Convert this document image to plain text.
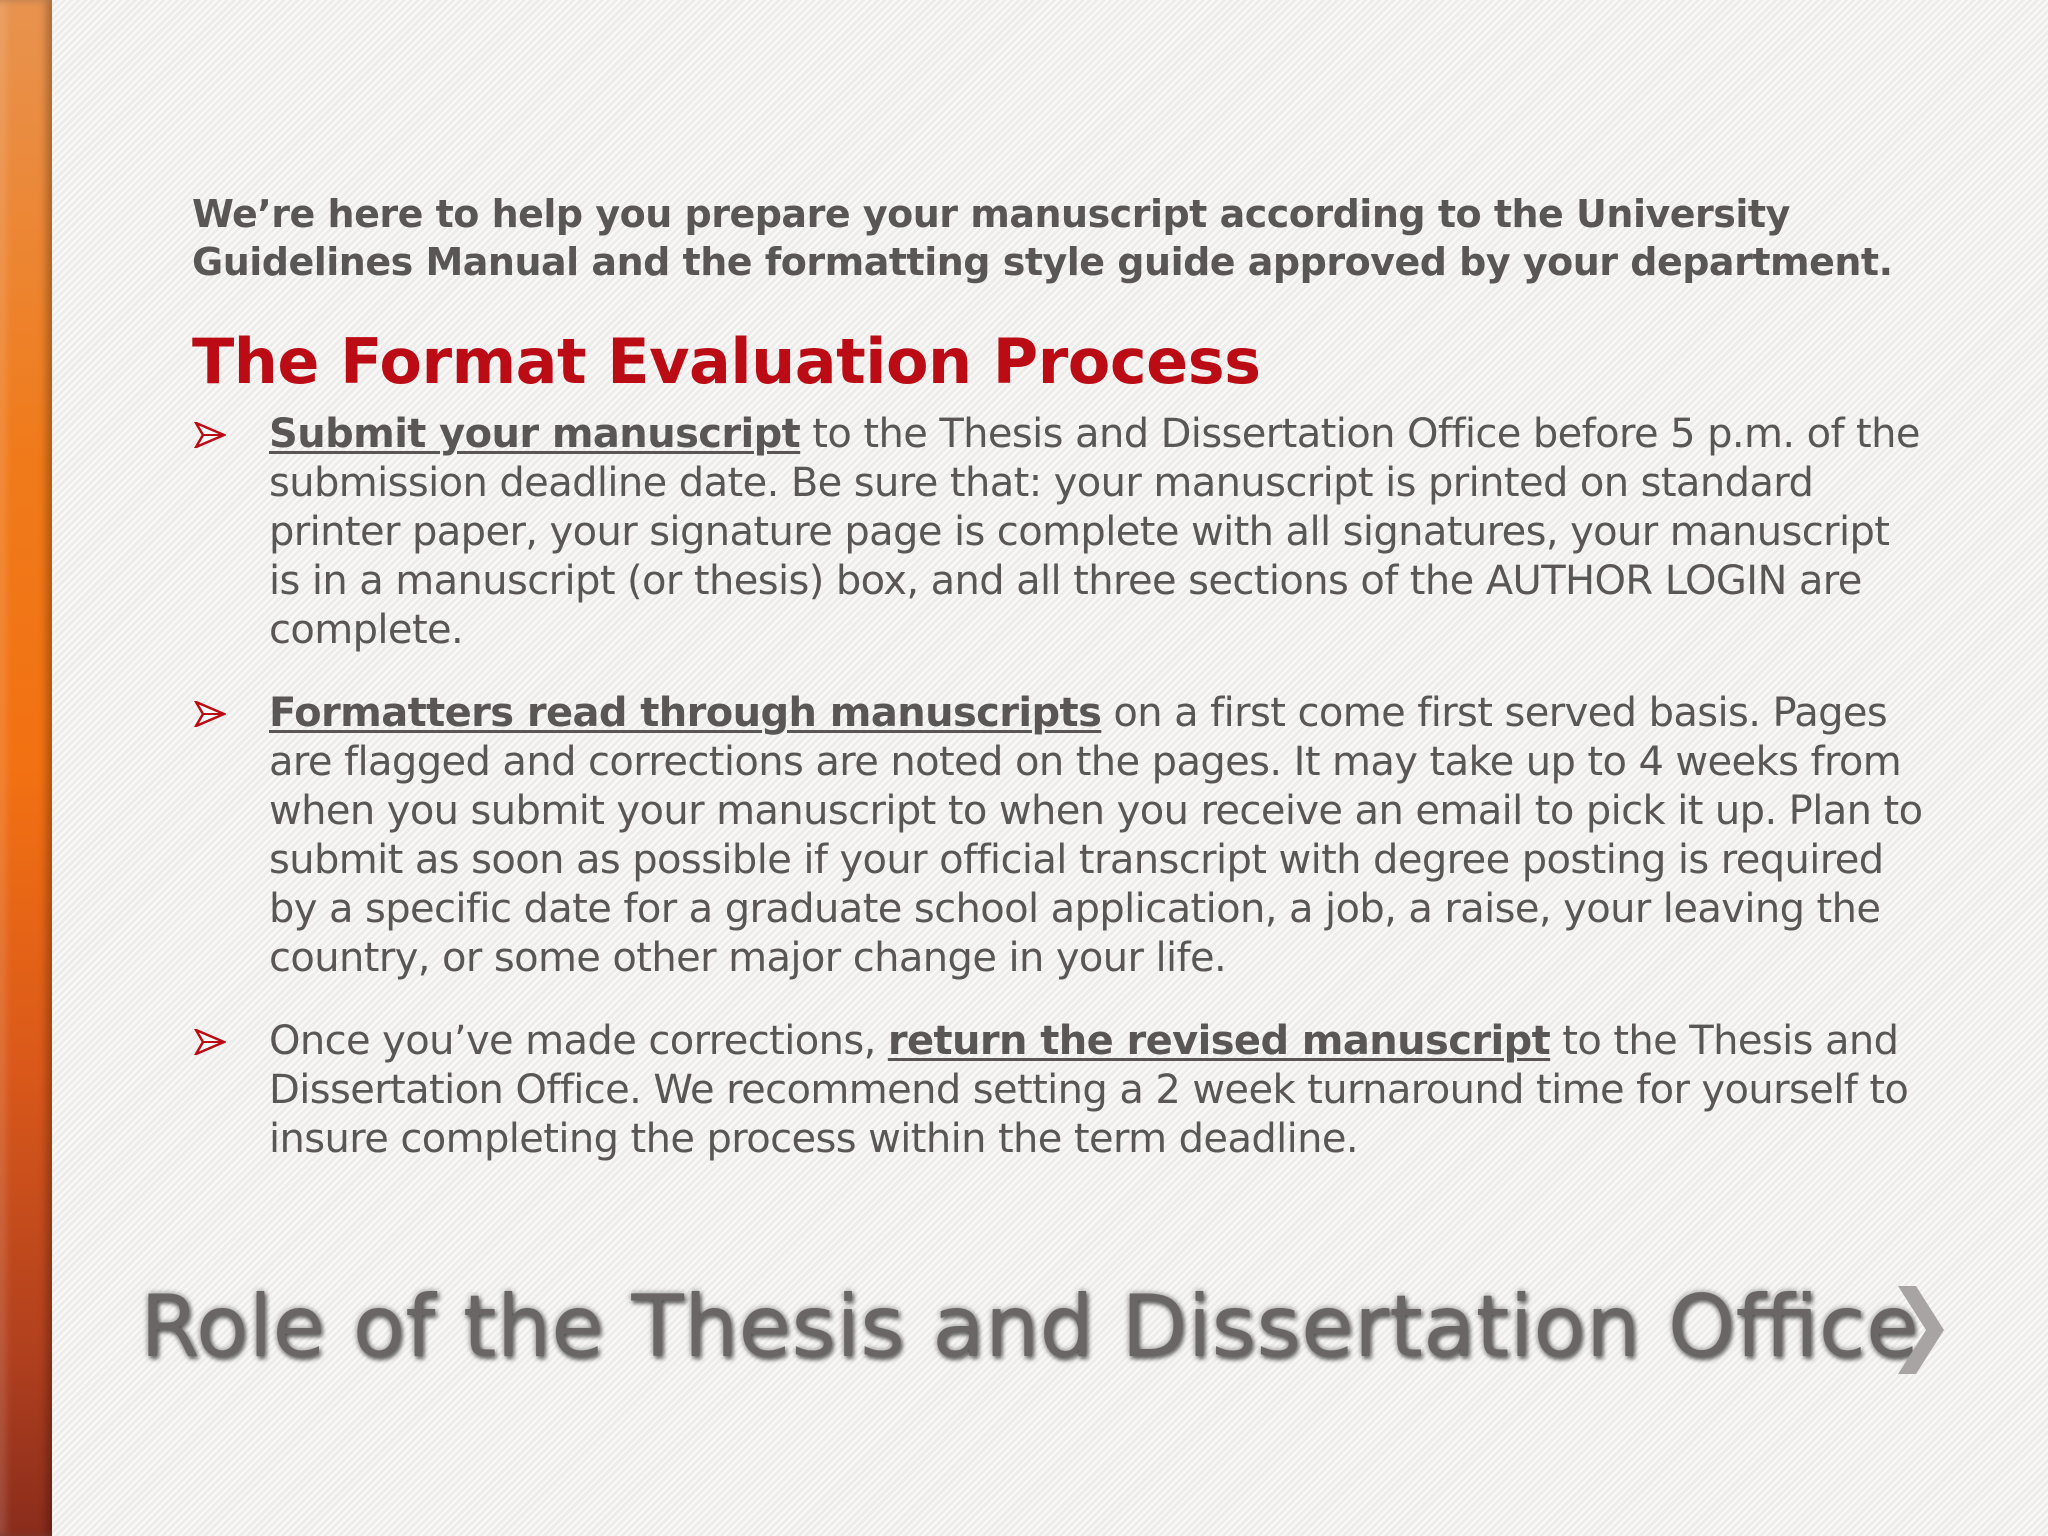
We’re here to help you prepare your manuscript according to the University Guidelines Manual and the formatting style guide approved by your department.

The Format Evaluation Process
Submit your manuscript to the Thesis and Dissertation Office before 5 p.m. of the submission deadline date. Be sure that: your manuscript is printed on standard printer paper, your signature page is complete with all signatures, your manuscript is in a manuscript (or thesis) box, and all three sections of the AUTHOR LOGIN are complete.
Formatters read through manuscripts on a first come first served basis. Pages are flagged and corrections are noted on the pages. It may take up to 4 weeks from when you submit your manuscript to when you receive an email to pick it up. Plan to submit as soon as possible if your official transcript with degree posting is required by a specific date for a graduate school application, a job, a raise, your leaving the country, or some other major change in your life.
Once you’ve made corrections, return the revised manuscript to the Thesis and Dissertation Office. We recommend setting a 2 week turnaround time for yourself to insure completing the process within the term deadline.
Role of the Thesis and Dissertation Office
